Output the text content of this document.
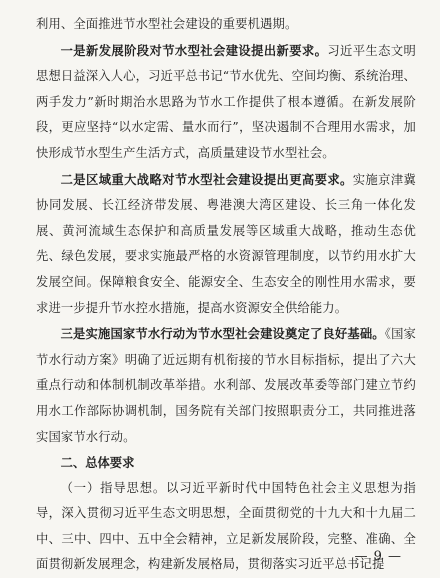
利用、全面推进节水型社会建设的重要机遇期。

一是新发展阶段对节水型社会建设提出新要求。习近平生态文明思想日益深入人心，习近平总书记“节水优先、空间均衡、系统治理、两手发力”新时期治水思路为节水工作提供了根本遵循。在新发展阶段，更应坚持“以水定需、量水而行”，坚决遏制不合理用水需求，加快形成节水型生产生活方式，高质量建设节水型社会。

二是区域重大战略对节水型社会建设提出更高要求。实施京津冀协同发展、长江经济带发展、粤港澳大湾区建设、长三角一体化发展、黄河流域生态保护和高质量发展等区域重大战略，推动生态优先、绿色发展，要求实施最严格的水资源管理制度，以节约用水扩大发展空间。保障粮食安全、能源安全、生态安全的刚性用水需求，要求进一步提升节水控水措施，提高水资源安全供给能力。

三是实施国家节水行动为节水型社会建设奠定了良好基础。《国家节水行动方案》明确了近远期有机衔接的节水目标指标，提出了六大重点行动和体制机制改革举措。水利部、发展改革委等部门建立节约用水工作部际协调机制，国务院有关部门按照职责分工，共同推进落实国家节水行动。

二、总体要求

（一）指导思想。以习近平新时代中国特色社会主义思想为指导，深入贯彻习近平生态文明思想，全面贯彻党的十九大和十九届二中、三中、四中、五中全会精神，立足新发展阶段，完整、准确、全面贯彻新发展理念，构建新发展格局，贯彻落实习近平总书记提

— 9 —
